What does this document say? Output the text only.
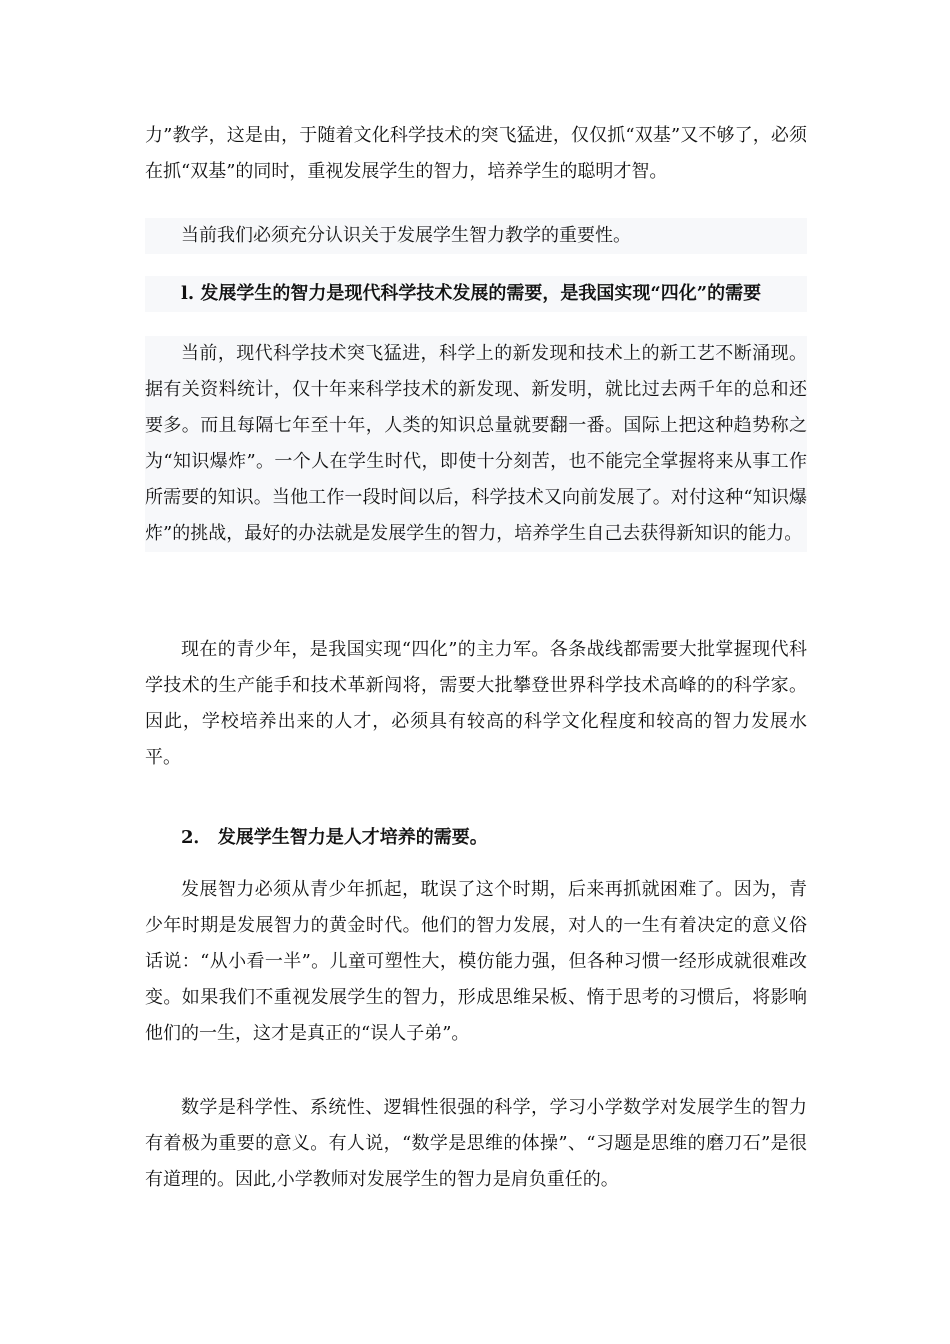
力”教学，这是由，于随着文化科学技术的突飞猛进，仅仅抓“双基”又不够了，必须在抓“双基”的同时，重视发展学生的智力，培养学生的聪明才智。

当前我们必须充分认识关于发展学生智力教学的重要性。

l. 发展学生的智力是现代科学技术发展的需要，是我国实现“四化”的需要

当前，现代科学技术突飞猛进，科学上的新发现和技术上的新工艺不断涌现。据有关资料统计，仅十年来科学技术的新发现、新发明，就比过去两千年的总和还要多。而且每隔七年至十年，人类的知识总量就要翻一番。国际上把这种趋势称之为“知识爆炸”。一个人在学生时代，即使十分刻苦，也不能完全掌握将来从事工作所需要的知识。当他工作一段时间以后，科学技术又向前发展了。对付这种“知识爆炸”的挑战，最好的办法就是发展学生的智力，培养学生自己去获得新知识的能力。

现在的青少年，是我国实现“四化”的主力军。各条战线都需要大批掌握现代科学技术的生产能手和技术革新闯将，需要大批攀登世界科学技术高峰的的科学家。因此，学校培养出来的人才，必须具有较高的科学文化程度和较高的智力发展水平。

2． 发展学生智力是人才培养的需要。

发展智力必须从青少年抓起，耽误了这个时期，后来再抓就困难了。因为，青少年时期是发展智力的黄金时代。他们的智力发展，对人的一生有着决定的意义俗话说：“从小看一半”。儿童可塑性大，模仿能力强，但各种习惯一经形成就很难改变。如果我们不重视发展学生的智力，形成思维呆板、惰于思考的习惯后，将影响他们的一生，这才是真正的“误人子弟”。

数学是科学性、系统性、逻辑性很强的科学，学习小学数学对发展学生的智力有着极为重要的意义。有人说，“数学是思维的体操”、“习题是思维的磨刀石”是很有道理的。因此,小学教师对发展学生的智力是肩负重任的。
